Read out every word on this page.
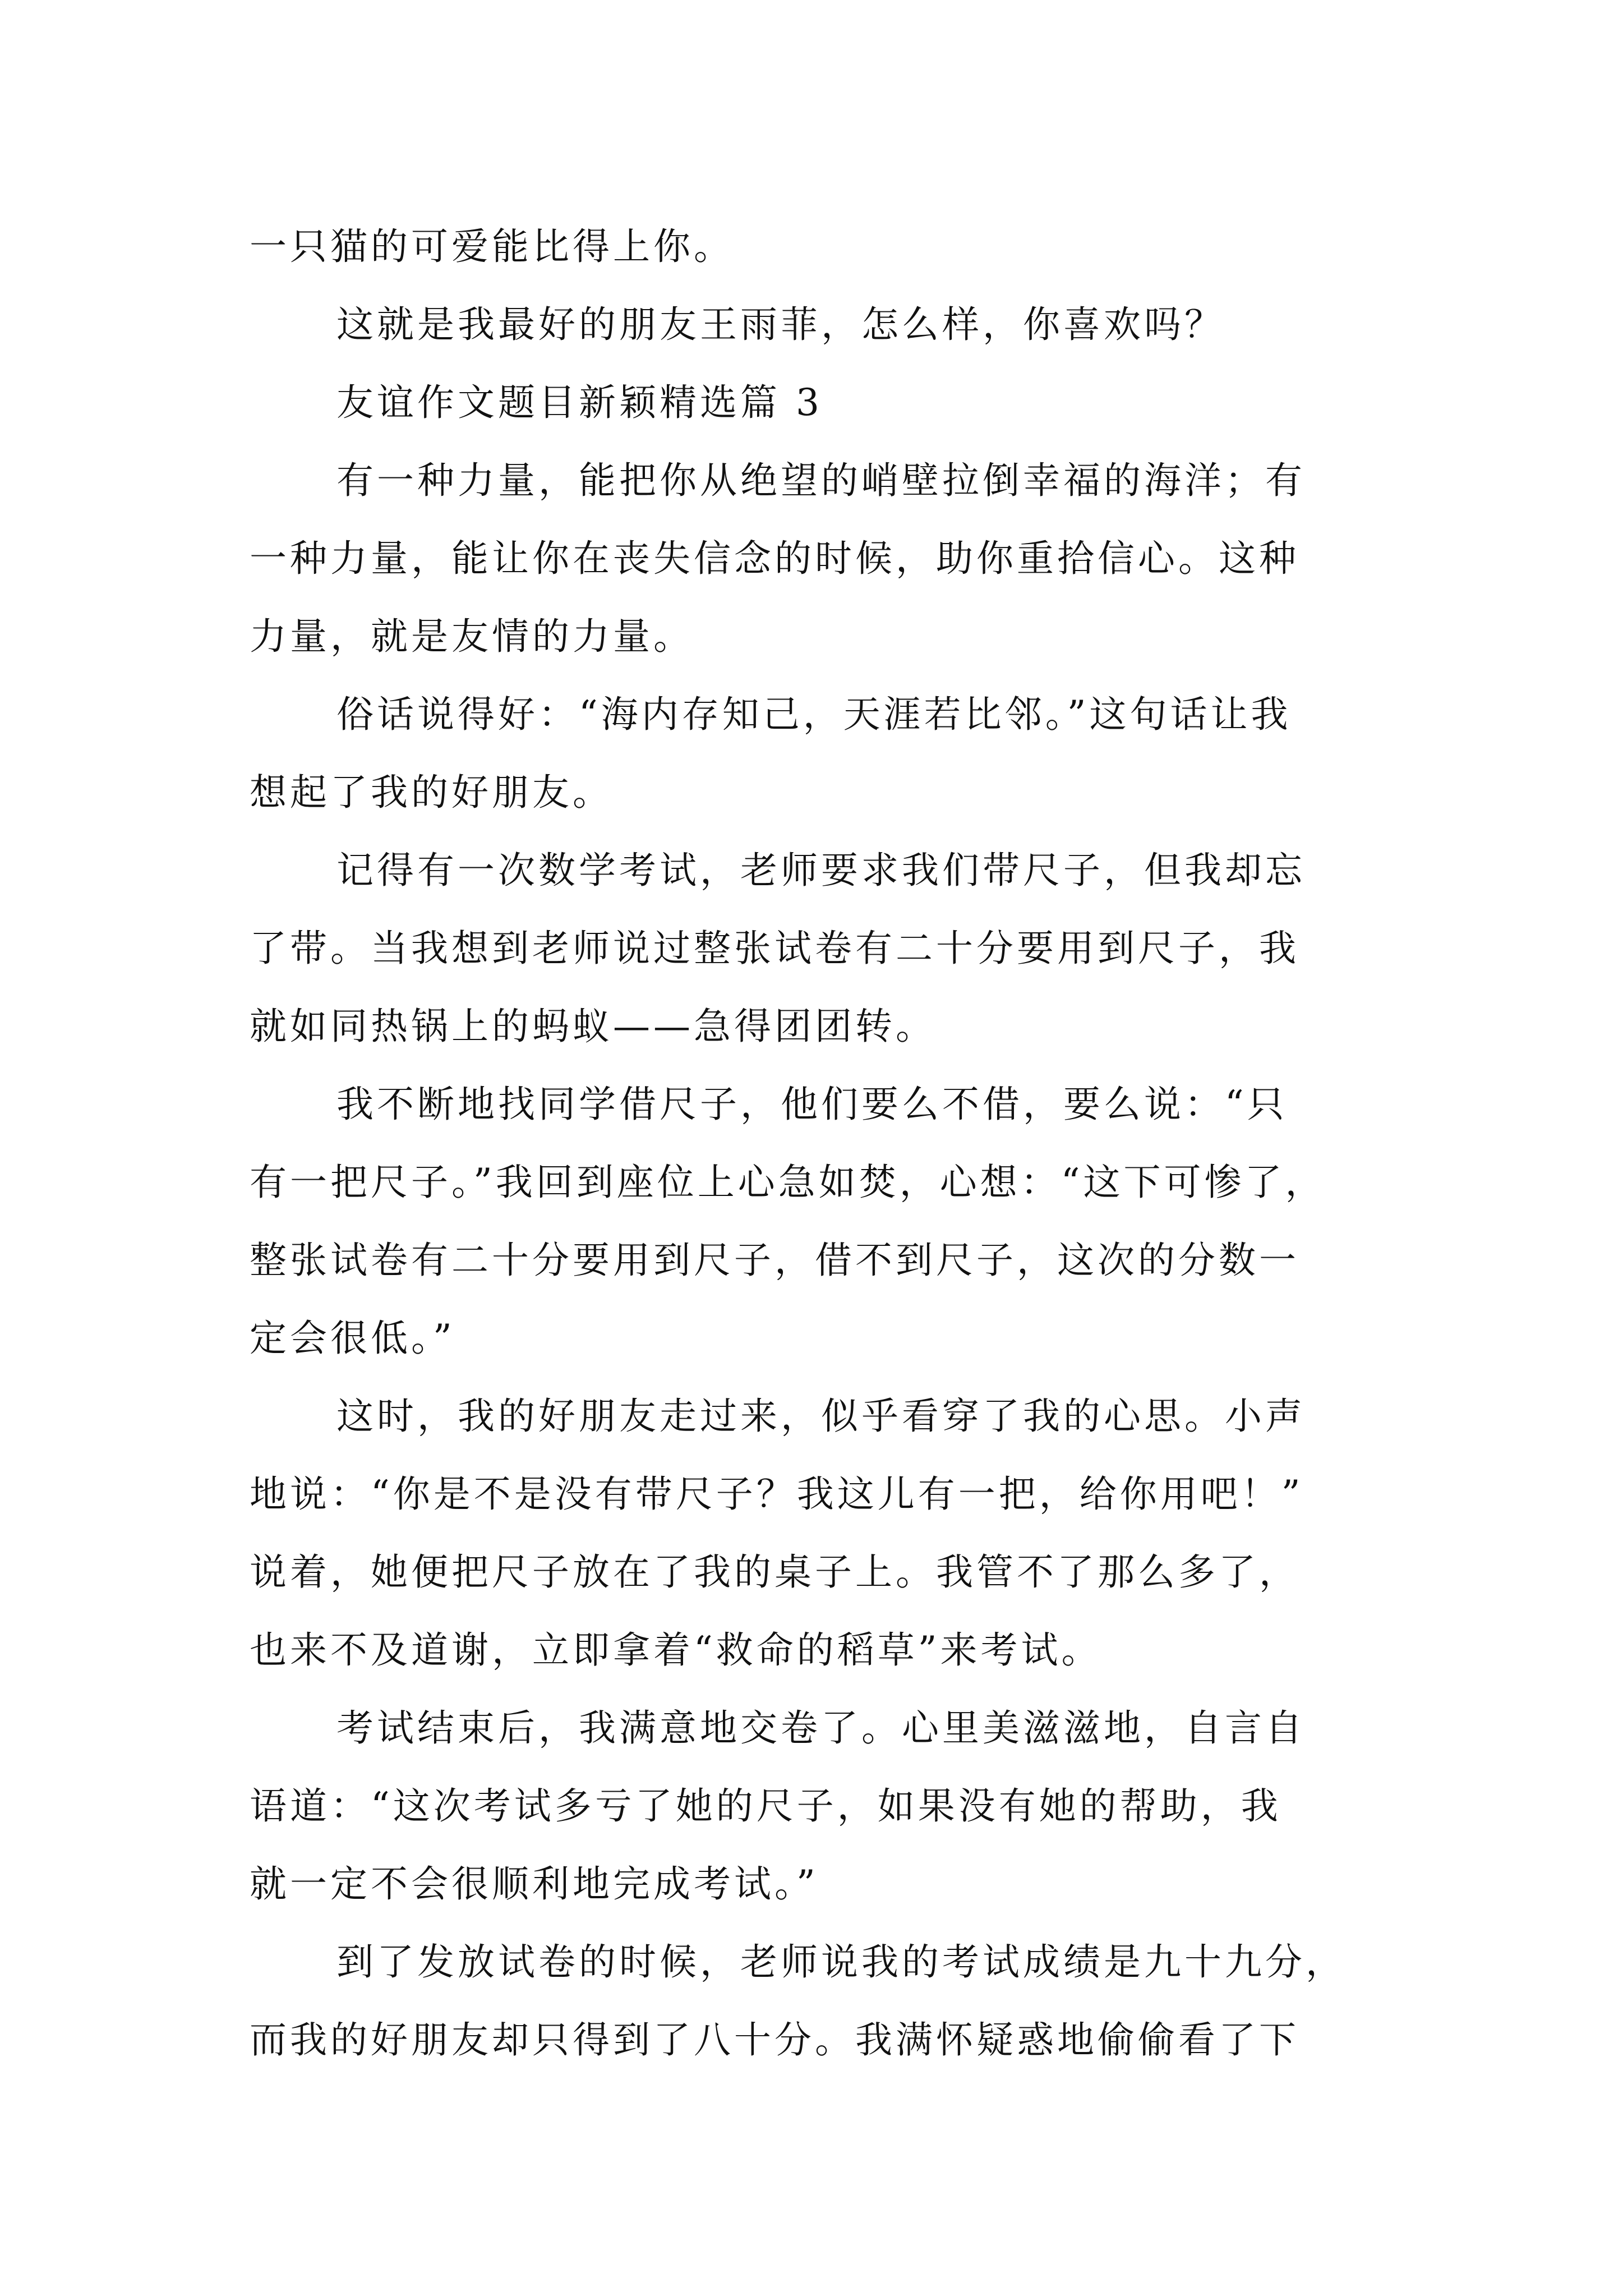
一只猫的可爱能比得上你。
这就是我最好的朋友王雨菲，怎么样，你喜欢吗？
友谊作文题目新颖精选篇 3
有一种力量，能把你从绝望的峭壁拉倒幸福的海洋；有
一种力量，能让你在丧失信念的时候，助你重拾信心。这种
力量，就是友情的力量。
俗话说得好：“海内存知己，天涯若比邻。”这句话让我
想起了我的好朋友。
记得有一次数学考试，老师要求我们带尺子，但我却忘
了带。当我想到老师说过整张试卷有二十分要用到尺子，我
就如同热锅上的蚂蚁——急得团团转。
我不断地找同学借尺子，他们要么不借，要么说：“只
有一把尺子。”我回到座位上心急如焚，心想：“这下可惨了，
整张试卷有二十分要用到尺子，借不到尺子，这次的分数一
定会很低。”
这时，我的好朋友走过来，似乎看穿了我的心思。小声
地说：“你是不是没有带尺子？我这儿有一把，给你用吧！”
说着，她便把尺子放在了我的桌子上。我管不了那么多了，
也来不及道谢，立即拿着“救命的稻草”来考试。
考试结束后，我满意地交卷了。心里美滋滋地，自言自
语道：“这次考试多亏了她的尺子，如果没有她的帮助，我
就一定不会很顺利地完成考试。”
到了发放试卷的时候，老师说我的考试成绩是九十九分，
而我的好朋友却只得到了八十分。我满怀疑惑地偷偷看了下
